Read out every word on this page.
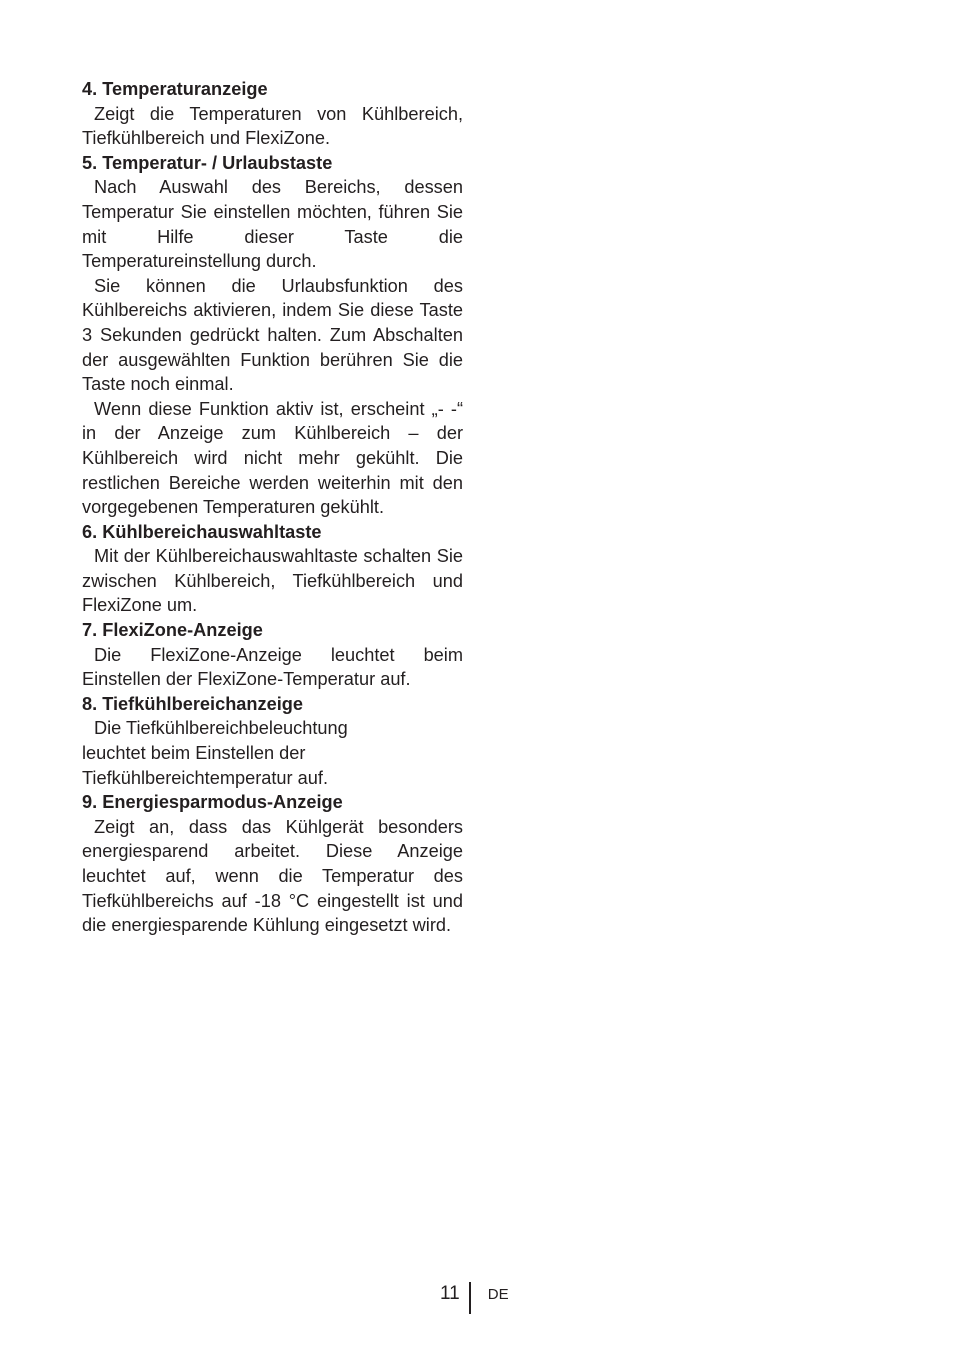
4. Temperaturanzeige

Zeigt die Temperaturen von Kühlbereich, Tiefkühlbereich und FlexiZone.

5. Temperatur- / Urlaubstaste

Nach Auswahl des Bereichs, dessen Temperatur Sie einstellen möchten, führen Sie mit Hilfe dieser Taste die Temperatureinstellung durch.

Sie können die Urlaubsfunktion des Kühlbereichs aktivieren, indem Sie diese Taste 3 Sekunden gedrückt halten. Zum Abschalten der ausgewählten Funktion berühren Sie die Taste noch einmal.

Wenn diese Funktion aktiv ist, erscheint „- -“ in der Anzeige zum Kühlbereich – der Kühlbereich wird nicht mehr gekühlt. Die restlichen Bereiche werden weiterhin mit den vorgegebenen Temperaturen gekühlt.

6. Kühlbereichauswahltaste

Mit der Kühlbereichauswahltaste schalten Sie zwischen Kühlbereich, Tiefkühlbereich und FlexiZone um.

7. FlexiZone-Anzeige

Die FlexiZone-Anzeige leuchtet beim Einstellen der FlexiZone-Temperatur auf.

8. Tiefkühlbereichanzeige

Die Tiefkühlbereichbeleuchtung leuchtet beim Einstellen der Tiefkühlbereichtemperatur auf.

9. Energiesparmodus-Anzeige

Zeigt an, dass das Kühlgerät besonders energiesparend arbeitet. Diese Anzeige leuchtet auf, wenn die Temperatur des Tiefkühlbereichs auf -18 °C eingestellt ist und die energiesparende Kühlung eingesetzt wird.

11 DE
